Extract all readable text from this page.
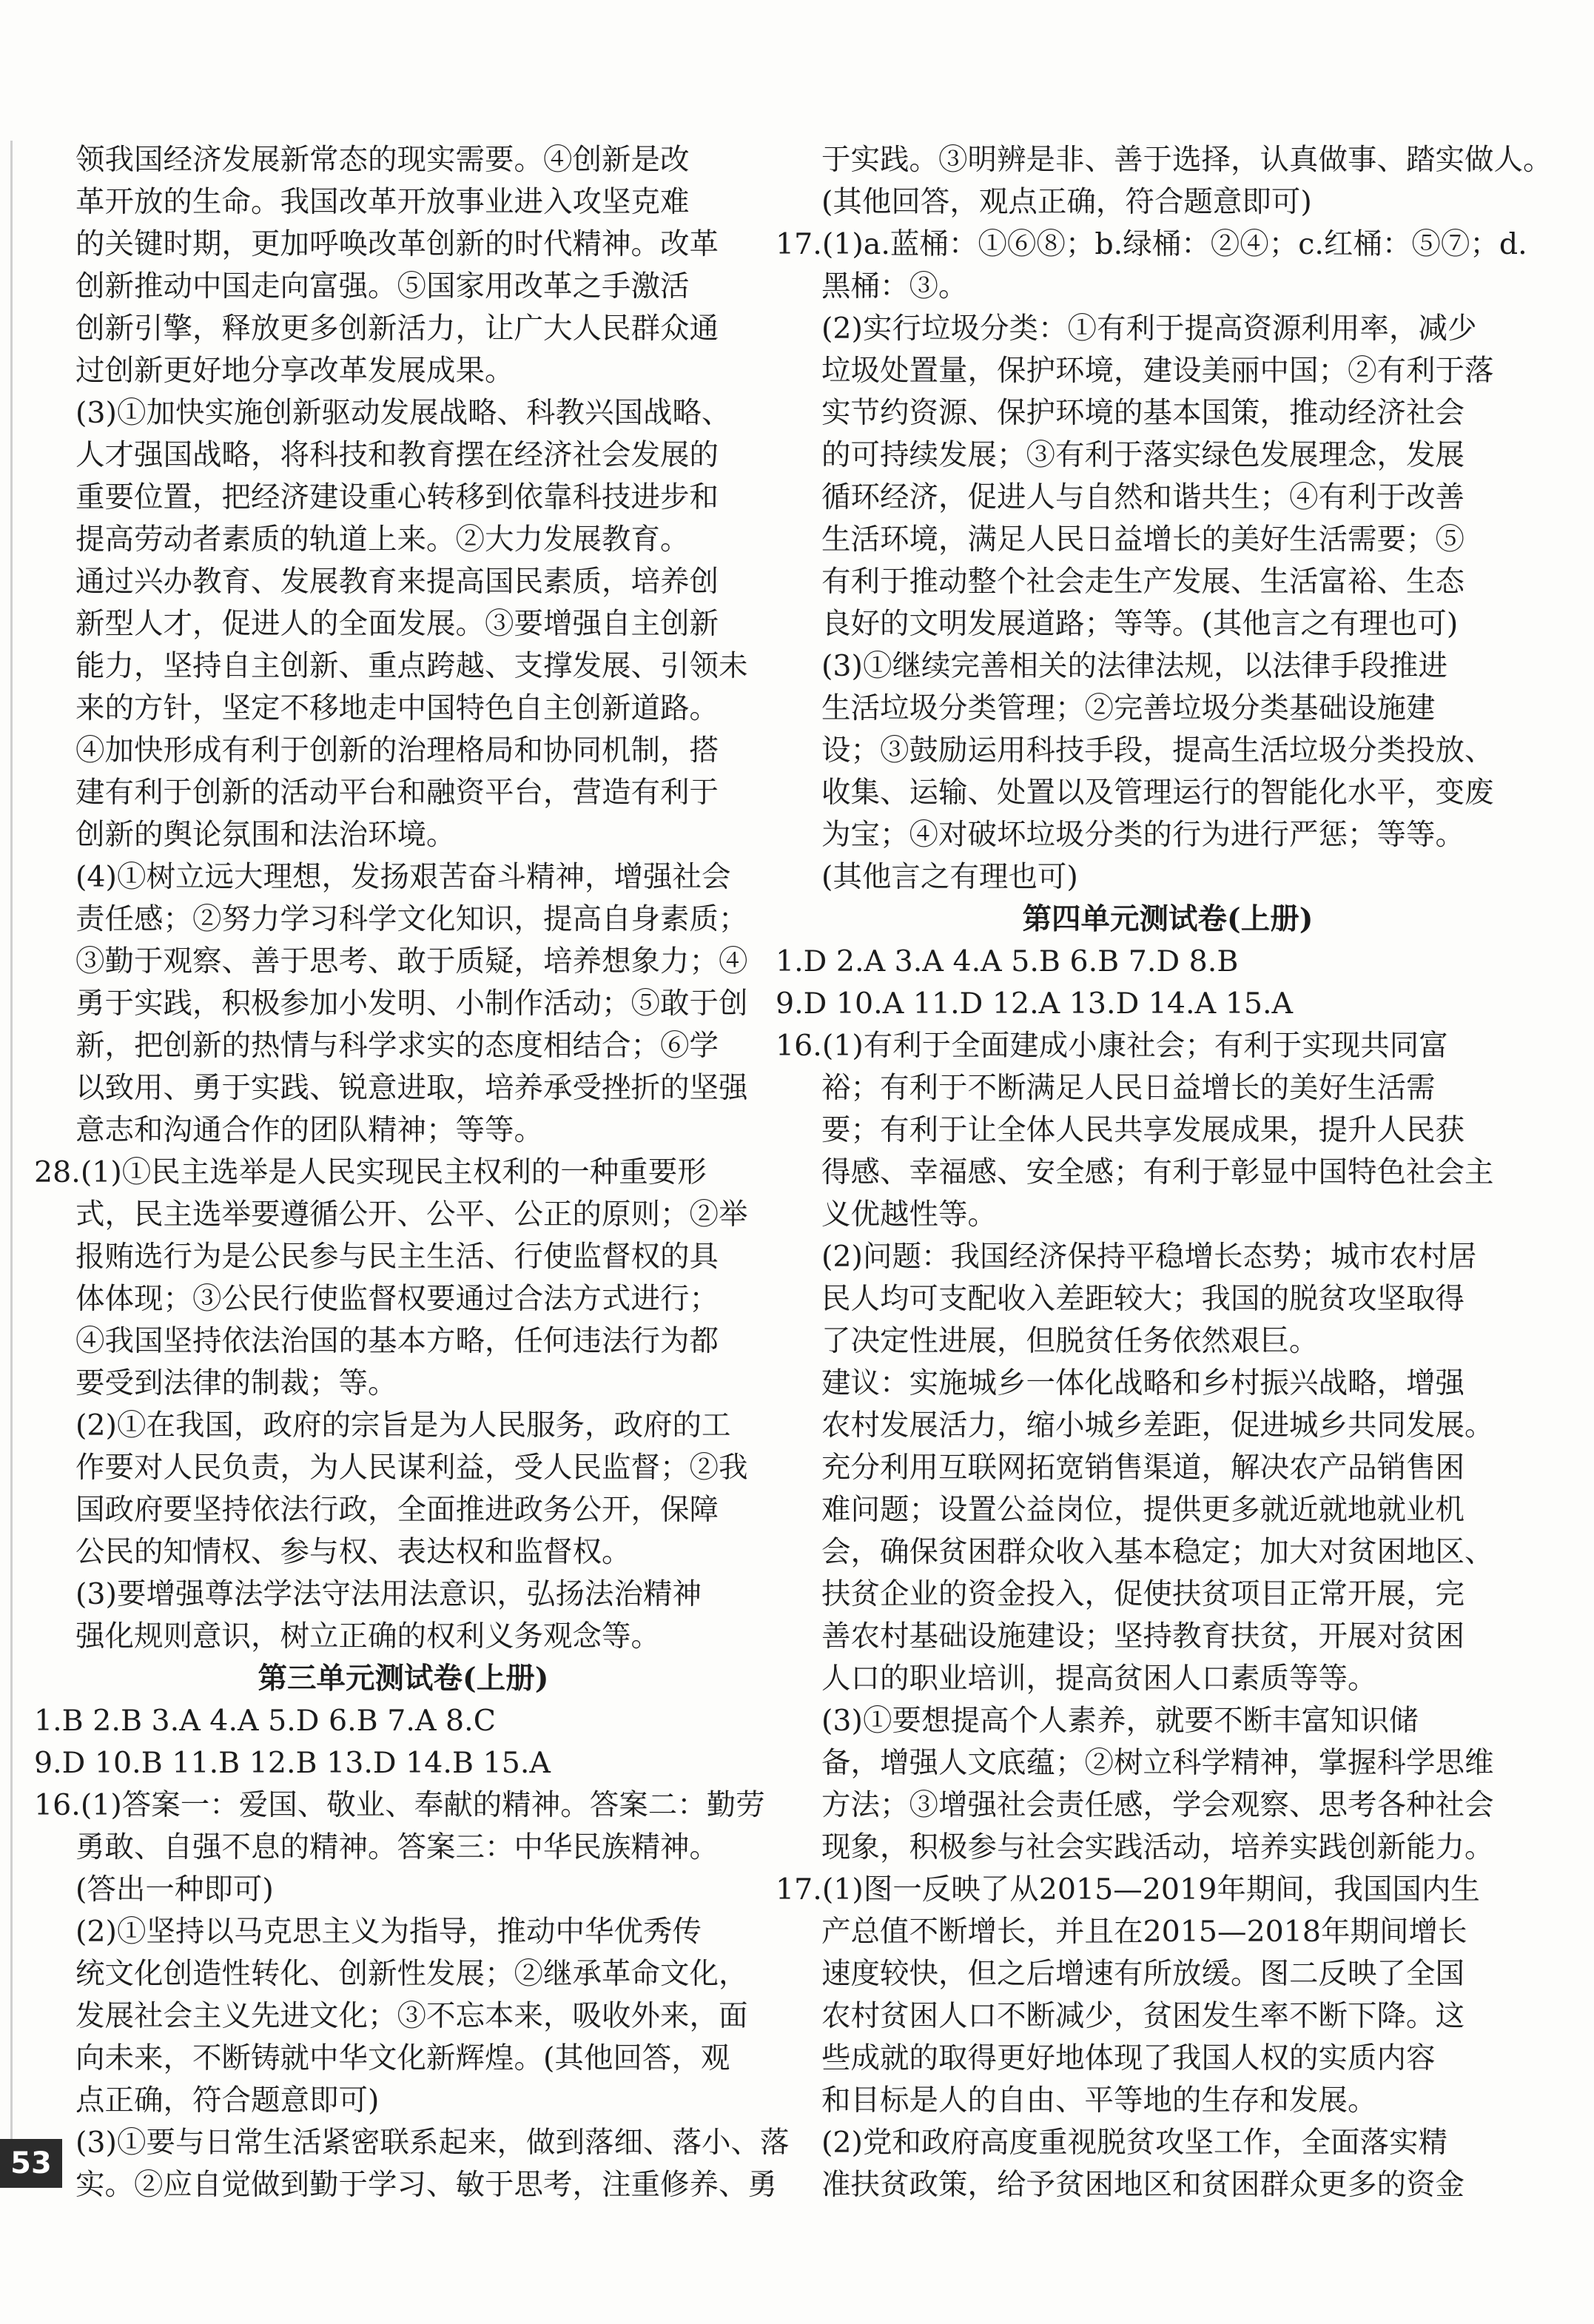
领我国经济发展新常态的现实需要。④创新是改
革开放的生命。我国改革开放事业进入攻坚克难
的关键时期，更加呼唤改革创新的时代精神。改革
创新推动中国走向富强。⑤国家用改革之手激活
创新引擎，释放更多创新活力，让广大人民群众通
过创新更好地分享改革发展成果。
(3)①加快实施创新驱动发展战略、科教兴国战略、
人才强国战略，将科技和教育摆在经济社会发展的
重要位置，把经济建设重心转移到依靠科技进步和
提高劳动者素质的轨道上来。②大力发展教育。
通过兴办教育、发展教育来提高国民素质，培养创
新型人才，促进人的全面发展。③要增强自主创新
能力，坚持自主创新、重点跨越、支撑发展、引领未
来的方针，坚定不移地走中国特色自主创新道路。
④加快形成有利于创新的治理格局和协同机制，搭
建有利于创新的活动平台和融资平台，营造有利于
创新的舆论氛围和法治环境。
(4)①树立远大理想，发扬艰苦奋斗精神，增强社会
责任感；②努力学习科学文化知识，提高自身素质；
③勤于观察、善于思考、敢于质疑，培养想象力；④
勇于实践，积极参加小发明、小制作活动；⑤敢于创
新，把创新的热情与科学求实的态度相结合；⑥学
以致用、勇于实践、锐意进取，培养承受挫折的坚强
意志和沟通合作的团队精神；等等。
28.(1)①民主选举是人民实现民主权利的一种重要形
式，民主选举要遵循公开、公平、公正的原则；②举
报贿选行为是公民参与民主生活、行使监督权的具
体体现；③公民行使监督权要通过合法方式进行；
④我国坚持依法治国的基本方略，任何违法行为都
要受到法律的制裁；等。
(2)①在我国，政府的宗旨是为人民服务，政府的工
作要对人民负责，为人民谋利益，受人民监督；②我
国政府要坚持依法行政，全面推进政务公开，保障
公民的知情权、参与权、表达权和监督权。
(3)要增强尊法学法守法用法意识，弘扬法治精神
强化规则意识，树立正确的权利义务观念等。
第三单元测试卷(上册)
1.B 2.B 3.A 4.A 5.D 6.B 7.A 8.C
9.D 10.B 11.B 12.B 13.D 14.B 15.A
16.(1)答案一：爱国、敬业、奉献的精神。答案二：勤劳
勇敢、自强不息的精神。答案三：中华民族精神。
(答出一种即可)
(2)①坚持以马克思主义为指导，推动中华优秀传
统文化创造性转化、创新性发展；②继承革命文化，
发展社会主义先进文化；③不忘本来，吸收外来，面
向未来，不断铸就中华文化新辉煌。(其他回答，观
点正确，符合题意即可)
(3)①要与日常生活紧密联系起来，做到落细、落小、落
实。②应自觉做到勤于学习、敏于思考，注重修养、勇
于实践。③明辨是非、善于选择，认真做事、踏实做人。
(其他回答，观点正确，符合题意即可)
17.(1)a.蓝桶：①⑥⑧；b.绿桶：②④；c.红桶：⑤⑦；d.
黑桶：③。
(2)实行垃圾分类：①有利于提高资源利用率，减少
垃圾处置量，保护环境，建设美丽中国；②有利于落
实节约资源、保护环境的基本国策，推动经济社会
的可持续发展；③有利于落实绿色发展理念，发展
循环经济，促进人与自然和谐共生；④有利于改善
生活环境，满足人民日益增长的美好生活需要；⑤
有利于推动整个社会走生产发展、生活富裕、生态
良好的文明发展道路；等等。(其他言之有理也可)
(3)①继续完善相关的法律法规，以法律手段推进
生活垃圾分类管理；②完善垃圾分类基础设施建
设；③鼓励运用科技手段，提高生活垃圾分类投放、
收集、运输、处置以及管理运行的智能化水平，变废
为宝；④对破坏垃圾分类的行为进行严惩；等等。
(其他言之有理也可)
第四单元测试卷(上册)
1.D 2.A 3.A 4.A 5.B 6.B 7.D 8.B
9.D 10.A 11.D 12.A 13.D 14.A 15.A
16.(1)有利于全面建成小康社会；有利于实现共同富
裕；有利于不断满足人民日益增长的美好生活需
要；有利于让全体人民共享发展成果，提升人民获
得感、幸福感、安全感；有利于彰显中国特色社会主
义优越性等。
(2)问题：我国经济保持平稳增长态势；城市农村居
民人均可支配收入差距较大；我国的脱贫攻坚取得
了决定性进展，但脱贫任务依然艰巨。
建议：实施城乡一体化战略和乡村振兴战略，增强
农村发展活力，缩小城乡差距，促进城乡共同发展。
充分利用互联网拓宽销售渠道，解决农产品销售困
难问题；设置公益岗位，提供更多就近就地就业机
会，确保贫困群众收入基本稳定；加大对贫困地区、
扶贫企业的资金投入，促使扶贫项目正常开展，完
善农村基础设施建设；坚持教育扶贫，开展对贫困
人口的职业培训，提高贫困人口素质等等。
(3)①要想提高个人素养，就要不断丰富知识储
备，增强人文底蕴；②树立科学精神，掌握科学思维
方法；③增强社会责任感，学会观察、思考各种社会
现象，积极参与社会实践活动，培养实践创新能力。
17.(1)图一反映了从2015—2019年期间，我国国内生
产总值不断增长，并且在2015—2018年期间增长
速度较快，但之后增速有所放缓。图二反映了全国
农村贫困人口不断减少，贫困发生率不断下降。这
些成就的取得更好地体现了我国人权的实质内容
和目标是人的自由、平等地的生存和发展。
(2)党和政府高度重视脱贫攻坚工作，全面落实精
准扶贫政策，给予贫困地区和贫困群众更多的资金
53
